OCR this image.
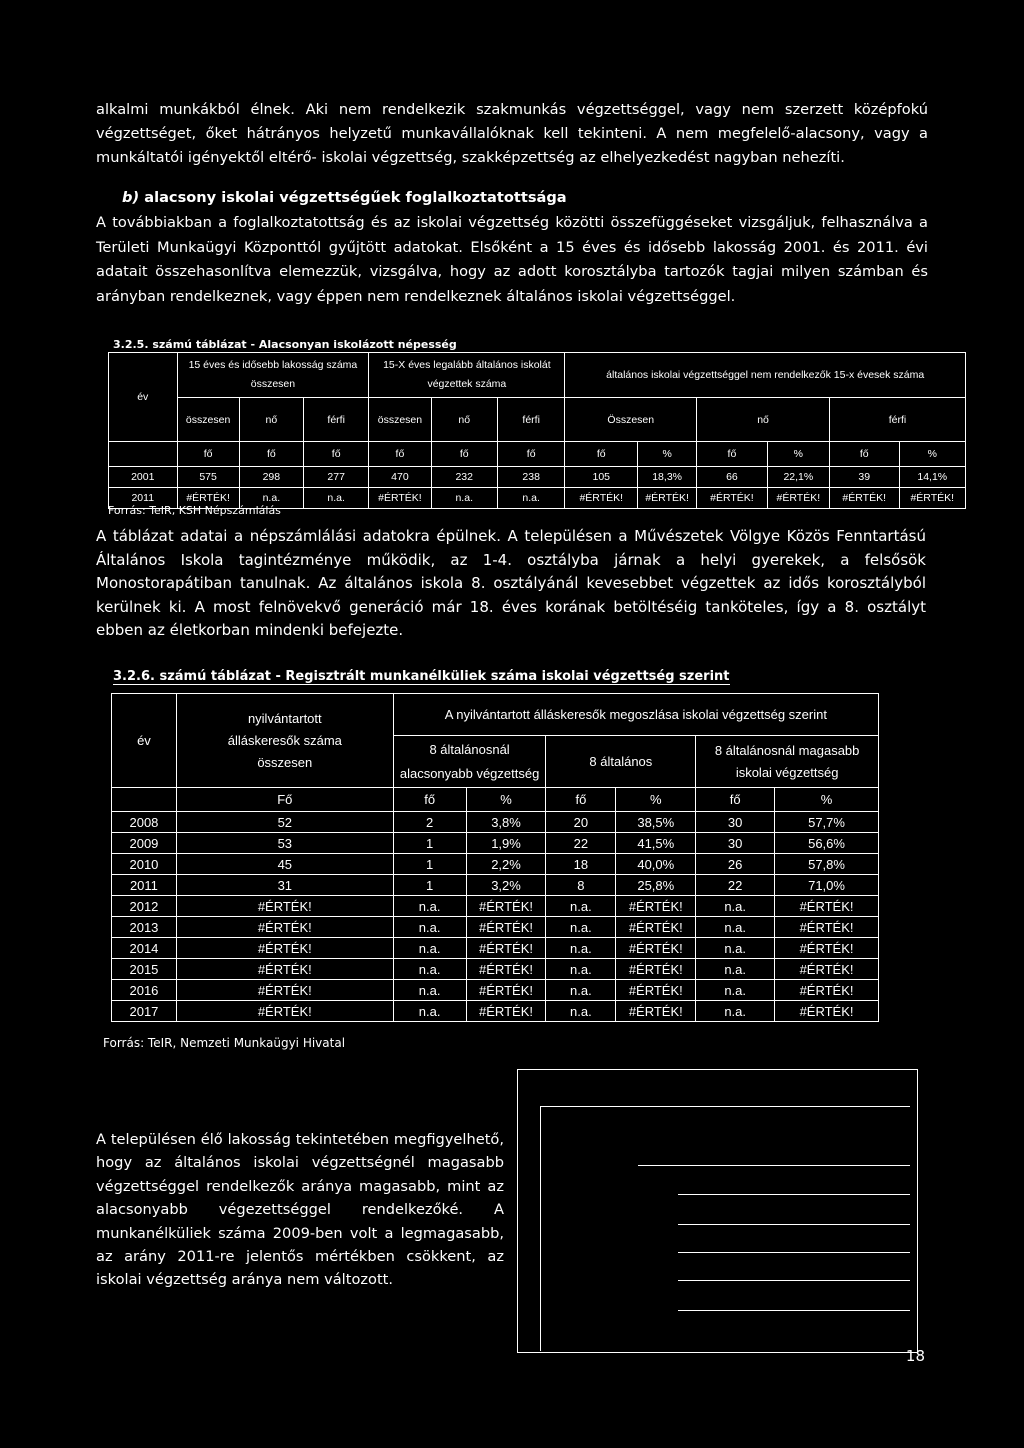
alkalmi munkákból élnek. Aki nem rendelkezik szakmunkás végzettséggel, vagy nem szerzett középfokú
végzettséget, őket hátrányos helyzetű munkavállalóknak kell tekinteni. A nem megfelelő-alacsony, vagy a
munkáltatói igényektől eltérő- iskolai végzettség, szakképzettség az elhelyezkedést nagyban nehezíti.
b) alacsony iskolai végzettségűek foglalkoztatottsága

A továbbiakban a foglalkoztatottság és az iskolai végzettség közötti összefüggéseket vizsgáljuk, felhasználva a Területi Munkaügyi Központtól gyűjtött adatokat. Elsőként a 15 éves és idősebb lakosság 2001. és 2011. évi adatait összehasonlítva elemezzük, vizsgálva, hogy az adott korosztályba tartozók tagjai milyen számban és arányban rendelkeznek, vagy éppen nem rendelkeznek általános iskolai végzettséggel.

3.2.5. számú táblázat - Alacsonyan iskolázott népesség
év	15 éves és idősebb lakosság száma összesen			15-X éves legalább általános iskolát végzettek száma			általános iskolai végzettséggel nem rendelkezők 15-x évesek száma					
	összesen	nő	férfi	összesen	nő	férfi	Összesen		nő		férfi	
	fő	fő	fő	fő	fő	fő	fő	%	fő	%	fő	%
2001	575	298	277	470	232	238	105	18,3%	66	22,1%	39	14,1%
2011	#ÉRTÉK!	n.a.	n.a.	#ÉRTÉK!	n.a.	n.a.	#ÉRTÉK!	#ÉRTÉK!	#ÉRTÉK!	#ÉRTÉK!	#ÉRTÉK!	#ÉRTÉK!
Forrás: TeIR, KSH Népszámlálás

A táblázat adatai a népszámlálási adatokra épülnek. A településen a Művészetek Völgye Közös Fenntartású Általános Iskola tagintézménye működik, az 1-4. osztályba járnak a helyi gyerekek, a felsősök Monostorapátiban tanulnak. Az általános iskola 8. osztályánál kevesebbet végzettek az idős korosztályból kerülnek ki. A most felnövekvő generáció már 18. éves korának betöltéséig tanköteles, így a 8. osztályt ebben az életkorban mindenki befejezte.

3.2.6. számú táblázat - Regisztrált munkanélküliek száma iskolai végzettség szerint
év	nyilvántartott álláskeresők száma összesen	A nyilvántartott álláskeresők megoszlása iskolai végzettség szerint					
		8 általánosnál alacsonyabb végzettség		8 általános		8 általánosnál magasabb iskolai végzettség	
	Fő	fő	%	fő	%	fő	%
2008	52	2	3,8%	20	38,5%	30	57,7%
2009	53	1	1,9%	22	41,5%	30	56,6%
2010	45	1	2,2%	18	40,0%	26	57,8%
2011	31	1	3,2%	8	25,8%	22	71,0%
2012	#ÉRTÉK!	n.a.	#ÉRTÉK!	n.a.	#ÉRTÉK!	n.a.	#ÉRTÉK!
2013	#ÉRTÉK!	n.a.	#ÉRTÉK!	n.a.	#ÉRTÉK!	n.a.	#ÉRTÉK!
2014	#ÉRTÉK!	n.a.	#ÉRTÉK!	n.a.	#ÉRTÉK!	n.a.	#ÉRTÉK!
2015	#ÉRTÉK!	n.a.	#ÉRTÉK!	n.a.	#ÉRTÉK!	n.a.	#ÉRTÉK!
2016	#ÉRTÉK!	n.a.	#ÉRTÉK!	n.a.	#ÉRTÉK!	n.a.	#ÉRTÉK!
2017	#ÉRTÉK!	n.a.	#ÉRTÉK!	n.a.	#ÉRTÉK!	n.a.	#ÉRTÉK!
Forrás: TeIR, Nemzeti Munkaügyi Hivatal

A településen élő lakosság tekintetében megfigyelhető, hogy az általános iskolai végzettségnél magasabb végzettséggel rendelkezők aránya magasabb, mint az alacsonyabb végezettséggel rendelkezőké. A munkanélküliek száma 2009-ben volt a legmagasabb, az arány 2011-re jelentős mértékben csökkent, az iskolai végzettség aránya nem változott.

18
